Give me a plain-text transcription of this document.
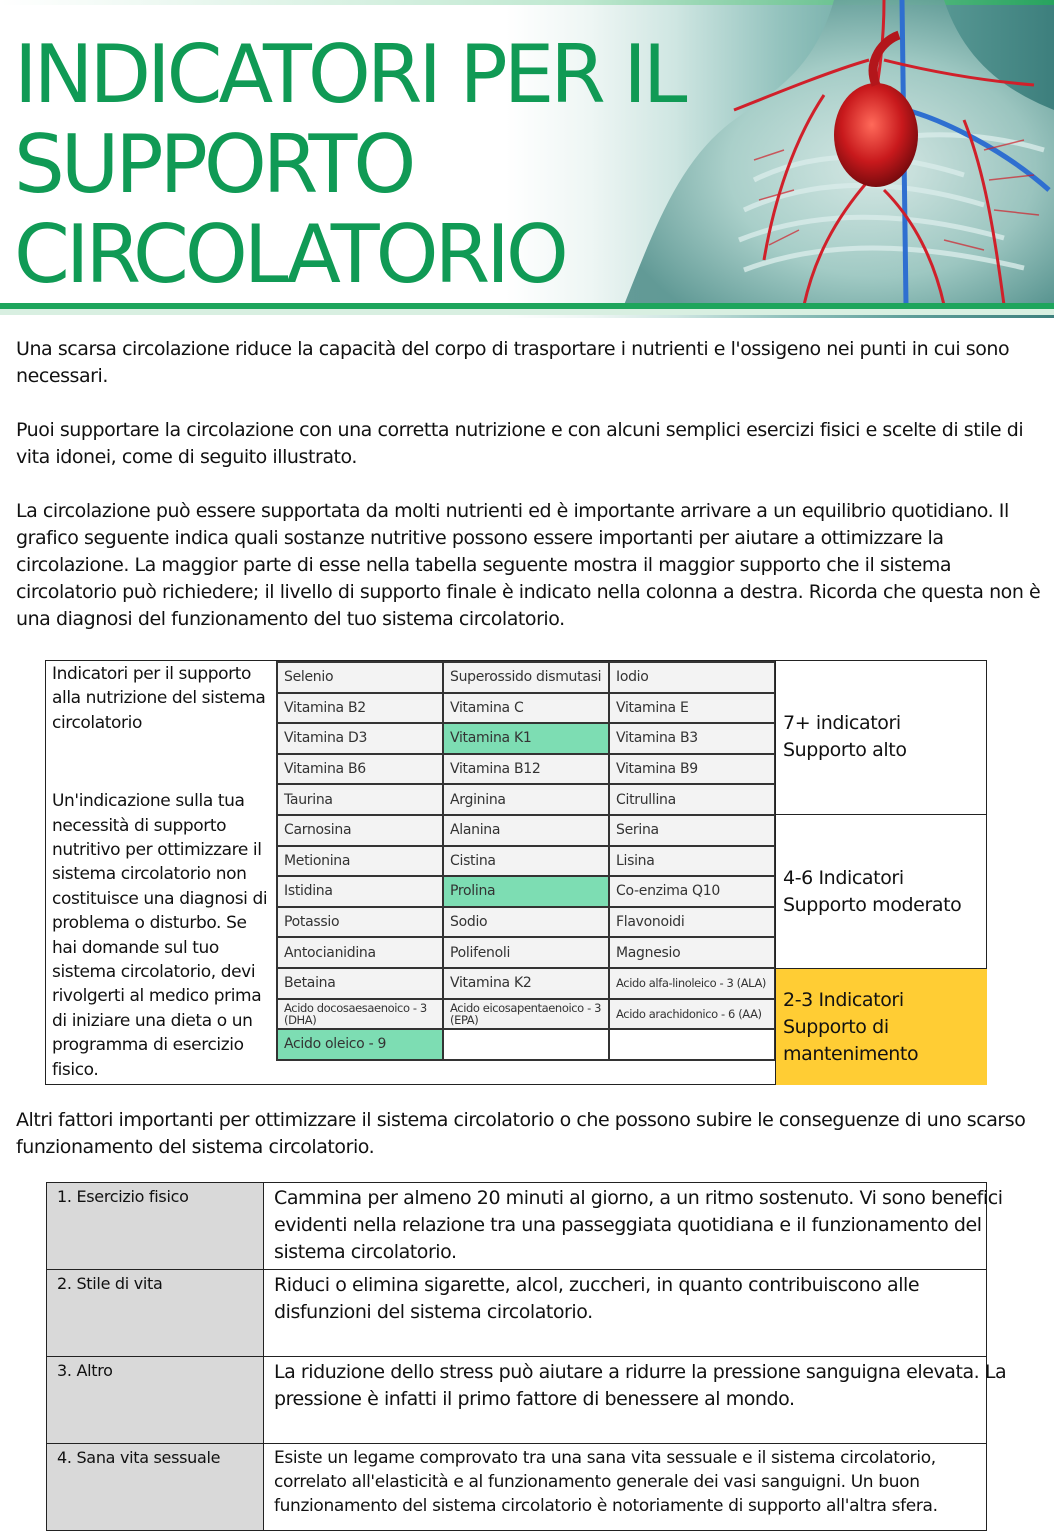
INDICATORI PER IL
SUPPORTO
CIRCOLATORIO

Una scarsa circolazione riduce la capacità del corpo di trasportare i nutrienti e l'ossigeno nei punti in cui sono necessari.

Puoi supportare la circolazione con una corretta nutrizione e con alcuni semplici esercizi fisici e scelte di stile di vita idonei, come di seguito illustrato.

La circolazione può essere supportata da molti nutrienti ed è importante arrivare a un equilibrio quotidiano. Il grafico seguente indica quali sostanze nutritive possono essere importanti per aiutare a ottimizzare la circolazione. La maggior parte di esse nella tabella seguente mostra il maggior supporto che il sistema circolatorio può richiedere; il livello di supporto finale è indicato nella colonna a destra. Ricorda che questa non è una diagnosi del funzionamento del tuo sistema circolatorio.

Indicatori per il supporto
alla nutrizione del sistema
circolatorio
Un'indicazione sulla tua
necessità di supporto
nutritivo per ottimizzare il
sistema circolatorio non
costituisce una diagnosi di
problema o disturbo. Se
hai domande sul tuo
sistema circolatorio, devi
rivolgerti al medico prima
di iniziare una dieta o un
programma di esercizio
fisico.
Selenio	Superossido dismutasi	Iodio
Vitamina B2	Vitamina C	Vitamina E
Vitamina D3	Vitamina K1	Vitamina B3
Vitamina B6	Vitamina B12	Vitamina B9
Taurina	Arginina	Citrullina
Carnosina	Alanina	Serina
Metionina	Cistina	Lisina
Istidina	Prolina	Co-enzima Q10
Potassio	Sodio	Flavonoidi
Antocianidina	Polifenoli	Magnesio
Betaina	Vitamina K2	Acido alfa-linoleico - 3 (ALA)
Acido docosaesaenoico - 3 (DHA)	Acido eicosapentaenoico - 3 (EPA)	Acido arachidonico - 6 (AA)
Acido oleico - 9		
7+ indicatori
Supporto alto
4-6 Indicatori
Supporto moderato
2-3 Indicatori
Supporto di
mantenimento

Altri fattori importanti per ottimizzare il sistema circolatorio o che possono subire le conseguenze di uno scarso funzionamento del sistema circolatorio.

1. Esercizio fisico	Cammina per almeno 20 minuti al giorno, a un ritmo sostenuto. Vi sono benefici
evidenti nella relazione tra una passeggiata quotidiana e il funzionamento del
sistema circolatorio.

2. Stile di vita	Riduci o elimina sigarette, alcol, zuccheri, in quanto contribuiscono alle
disfunzioni del sistema circolatorio.

3. Altro	La riduzione dello stress può aiutare a ridurre la pressione sanguigna elevata. La
pressione è infatti il primo fattore di benessere al mondo.

4. Sana vita sessuale	Esiste un legame comprovato tra una sana vita sessuale e il sistema circolatorio,
correlato all'elasticità e al funzionamento generale dei vasi sanguigni. Un buon
funzionamento del sistema circolatorio è notoriamente di supporto all'altra sfera.
